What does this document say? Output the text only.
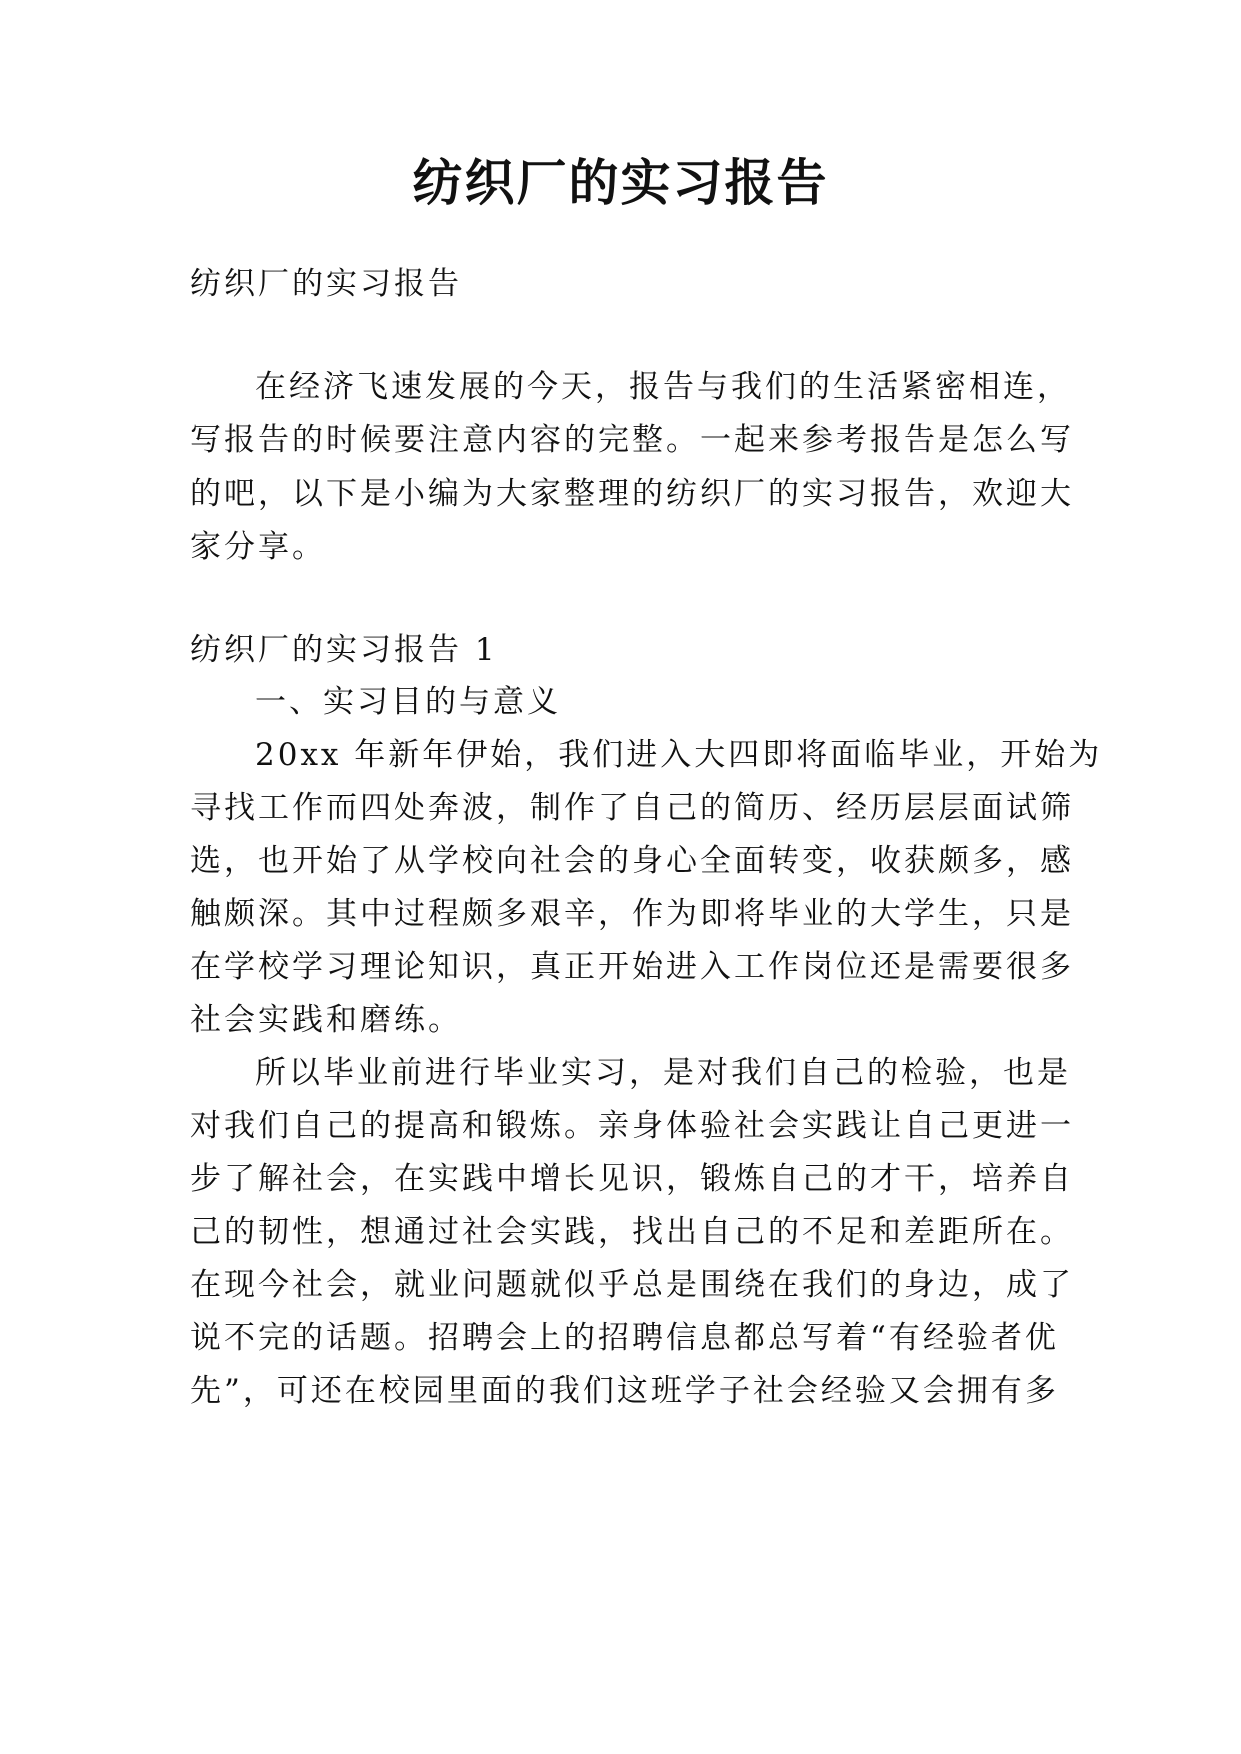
纺织厂的实习报告

纺织厂的实习报告

在经济飞速发展的今天，报告与我们的生活紧密相连，

写报告的时候要注意内容的完整。一起来参考报告是怎么写

的吧，以下是小编为大家整理的纺织厂的实习报告，欢迎大

家分享。

纺织厂的实习报告 1

一、实习目的与意义

20xx 年新年伊始，我们进入大四即将面临毕业，开始为

寻找工作而四处奔波，制作了自己的简历、经历层层面试筛

选，也开始了从学校向社会的身心全面转变，收获颇多，感

触颇深。其中过程颇多艰辛，作为即将毕业的大学生，只是

在学校学习理论知识，真正开始进入工作岗位还是需要很多

社会实践和磨练。

所以毕业前进行毕业实习，是对我们自己的检验，也是

对我们自己的提高和锻炼。亲身体验社会实践让自己更进一

步了解社会，在实践中增长见识，锻炼自己的才干，培养自

己的韧性，想通过社会实践，找出自己的不足和差距所在。

在现今社会，就业问题就似乎总是围绕在我们的身边，成了

说不完的话题。招聘会上的招聘信息都总写着“有经验者优

先”，可还在校园里面的我们这班学子社会经验又会拥有多
